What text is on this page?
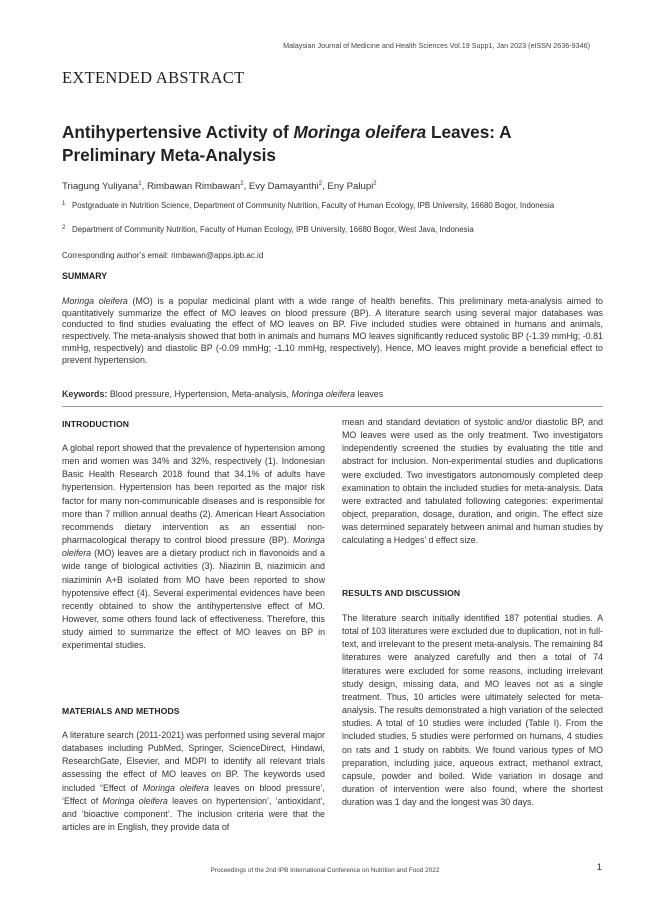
Malaysian Journal of Medicine and Health Sciences Vol.19 Supp1, Jan 2023 (eISSN 2636-9346)
EXTENDED ABSTRACT
Antihypertensive Activity of Moringa oleifera Leaves: A Preliminary Meta-Analysis
Triagung Yuliyana$^1$, Rimbawan Rimbawan$^2$, Evy Damayanthi$^2$, Eny Palupi$^2$
1 Postgraduate in Nutrition Science, Department of Community Nutrition, Faculty of Human Ecology, IPB University, 16680 Bogor, Indonesia
2 Department of Community Nutrition, Faculty of Human Ecology, IPB University, 16680 Bogor, West Java, Indonesia
Corresponding author’s email: rimbawan@apps.ipb.ac.id
SUMMARY
Moringa oleifera (MO) is a popular medicinal plant with a wide range of health benefits. This preliminary meta-analysis aimed to quantitatively summarize the effect of MO leaves on blood pressure (BP). A literature search using several major databases was conducted to find studies evaluating the effect of MO leaves on BP. Five included studies were obtained in humans and animals, respectively. The meta-analysis showed that both in animals and humans MO leaves significantly reduced systolic BP (-1.39 mmHg; -0.81 mmHg, respectively) and diastolic BP (-0.09 mmHg; -1.10 mmHg, respectively). Hence, MO leaves might provide a beneficial effect to prevent hypertension.
Keywords: Blood pressure, Hypertension, Meta-analysis, Moringa oleifera leaves
INTRODUCTION
A global report showed that the prevalence of hypertension among men and women was 34% and 32%, respectively (1). Indonesian Basic Health Research 2018 found that 34.1% of adults have hypertension. Hypertension has been reported as the major risk factor for many non-communicable diseases and is responsible for more than 7 million annual deaths (2). American Heart Association recommends dietary intervention as an essential non-pharmacological therapy to control blood pressure (BP). Moringa oleifera (MO) leaves are a dietary product rich in flavonoids and a wide range of biological activities (3). Niazinin B, niazimicin and niaziminin A+B isolated from MO have been reported to show hypotensive effect (4). Several experimental evidences have been recently obtained to show the antihypertensive effect of MO. However, some others found lack of effectiveness. Therefore, this study aimed to summarize the effect of MO leaves on BP in experimental studies.
MATERIALS AND METHODS
A literature search (2011-2021) was performed using several major databases including PubMed, Springer, ScienceDirect, Hindawi, ResearchGate, Elsevier, and MDPI to identify all relevant trials assessing the effect of MO leaves on BP. The keywords used included “Effect of Moringa oleifera leaves on blood pressure’, ‘Effect of Moringa oleifera leaves on hypertension’, ‘antioxidant’, and ‘bioactive component’. The inclusion criteria were that the articles are in English, they provide data of
mean and standard deviation of systolic and/or diastolic BP, and MO leaves were used as the only treatment. Two investigators independently screened the studies by evaluating the title and abstract for inclusion. Non-experimental studies and duplications were excluded. Two investigators autonomously completed deep examination to obtain the included studies for meta-analysis. Data were extracted and tabulated following categories: experimental object, preparation, dosage, duration, and origin. The effect size was determined separately between animal and human studies by calculating a Hedges’ d effect size.
RESULTS AND DISCUSSION
The literature search initially identified 187 potential studies. A total of 103 literatures were excluded due to duplication, not in full-text, and irrelevant to the present meta-analysis. The remaining 84 literatures were analyzed carefully and then a total of 74 literatures were excluded for some reasons, including irrelevant study design, missing data, and MO leaves not as a single treatment. Thus, 10 articles were ultimately selected for meta-analysis. The results demonstrated a high variation of the selected studies. A total of 10 studies were included (Table I). From the included studies, 5 studies were performed on humans, 4 studies on rats and 1 study on rabbits. We found various types of MO preparation, including juice, aqueous extract, methanol extract, capsule, powder and boiled. Wide variation in dosage and duration of intervention were also found, where the shortest duration was 1 day and the longest was 30 days.
Proceedings of the 2nd IPB International Conference on Nutrition and Food 2022	1
